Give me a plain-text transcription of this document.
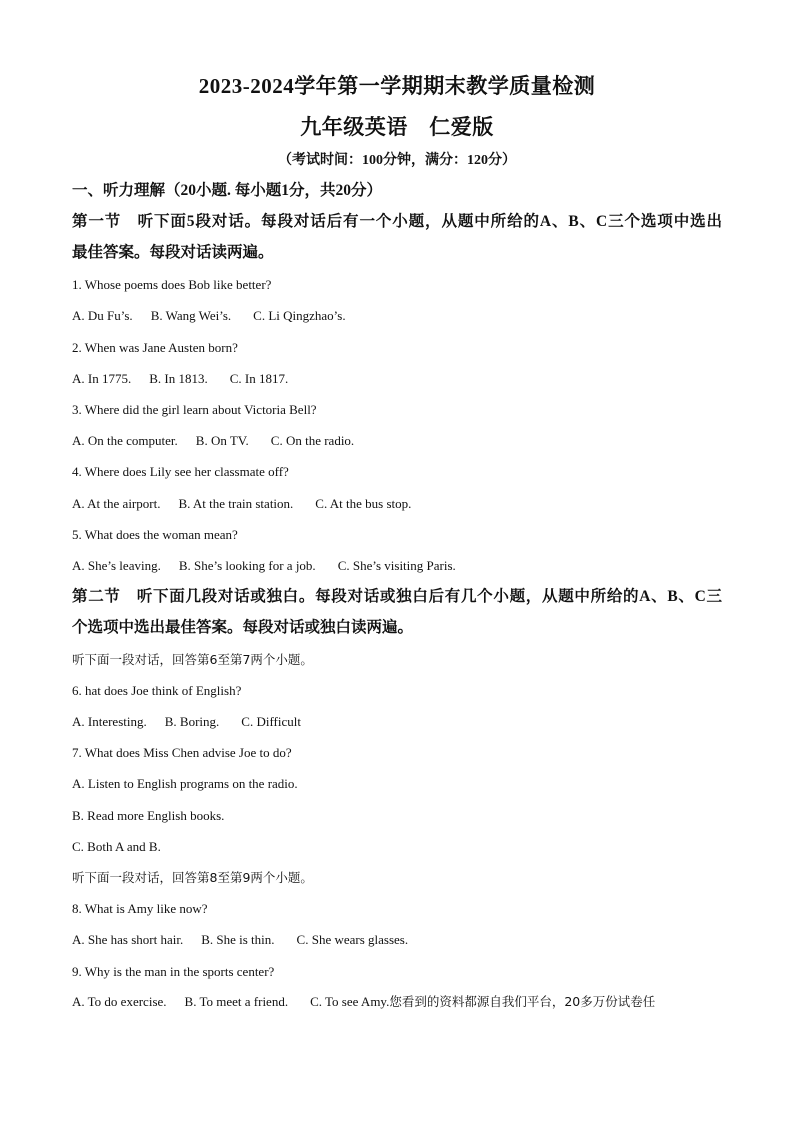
2023-2024学年第一学期期末教学质量检测
九年级英语　仁爱版
（考试时间：100分钟，满分：120分）
一、听力理解（20小题. 每小题1分，共20分）
第一节　听下面5段对话。每段对话后有一个小题，从题中所给的A、B、C三个选项中选出
最佳答案。每段对话读两遍。
1. Whose poems does Bob like better?
A. Du Fu’s. B. Wang Wei’s. C. Li Qingzhao’s.
2. When was Jane Austen born?
A. In 1775. B. In 1813. C. In 1817.
3. Where did the girl learn about Victoria Bell?
A. On the computer. B. On TV. C. On the radio.
4. Where does Lily see her classmate off?
A. At the airport. B. At the train station. C. At the bus stop.
5. What does the woman mean?
A. She’s leaving. B. She’s looking for a job. C. She’s visiting Paris.
第二节　听下面几段对话或独白。每段对话或独白后有几个小题，从题中所给的A、B、C三
个选项中选出最佳答案。每段对话或独白读两遍。
听下面一段对话，回答第6至第7两个小题。
6. hat does Joe think of English?
A. Interesting. B. Boring. C. Difficult
7. What does Miss Chen advise Joe to do?
A. Listen to English programs on the radio.
B. Read more English books.
C. Both A and B.
听下面一段对话，回答第8至第9两个小题。
8. What is Amy like now?
A. She has short hair. B. She is thin. C. She wears glasses.
9. Why is the man in the sports center?
A. To do exercise. B. To meet a friend. C. To see Amy.您看到的资料都源自我们平台，20多万份试卷任
